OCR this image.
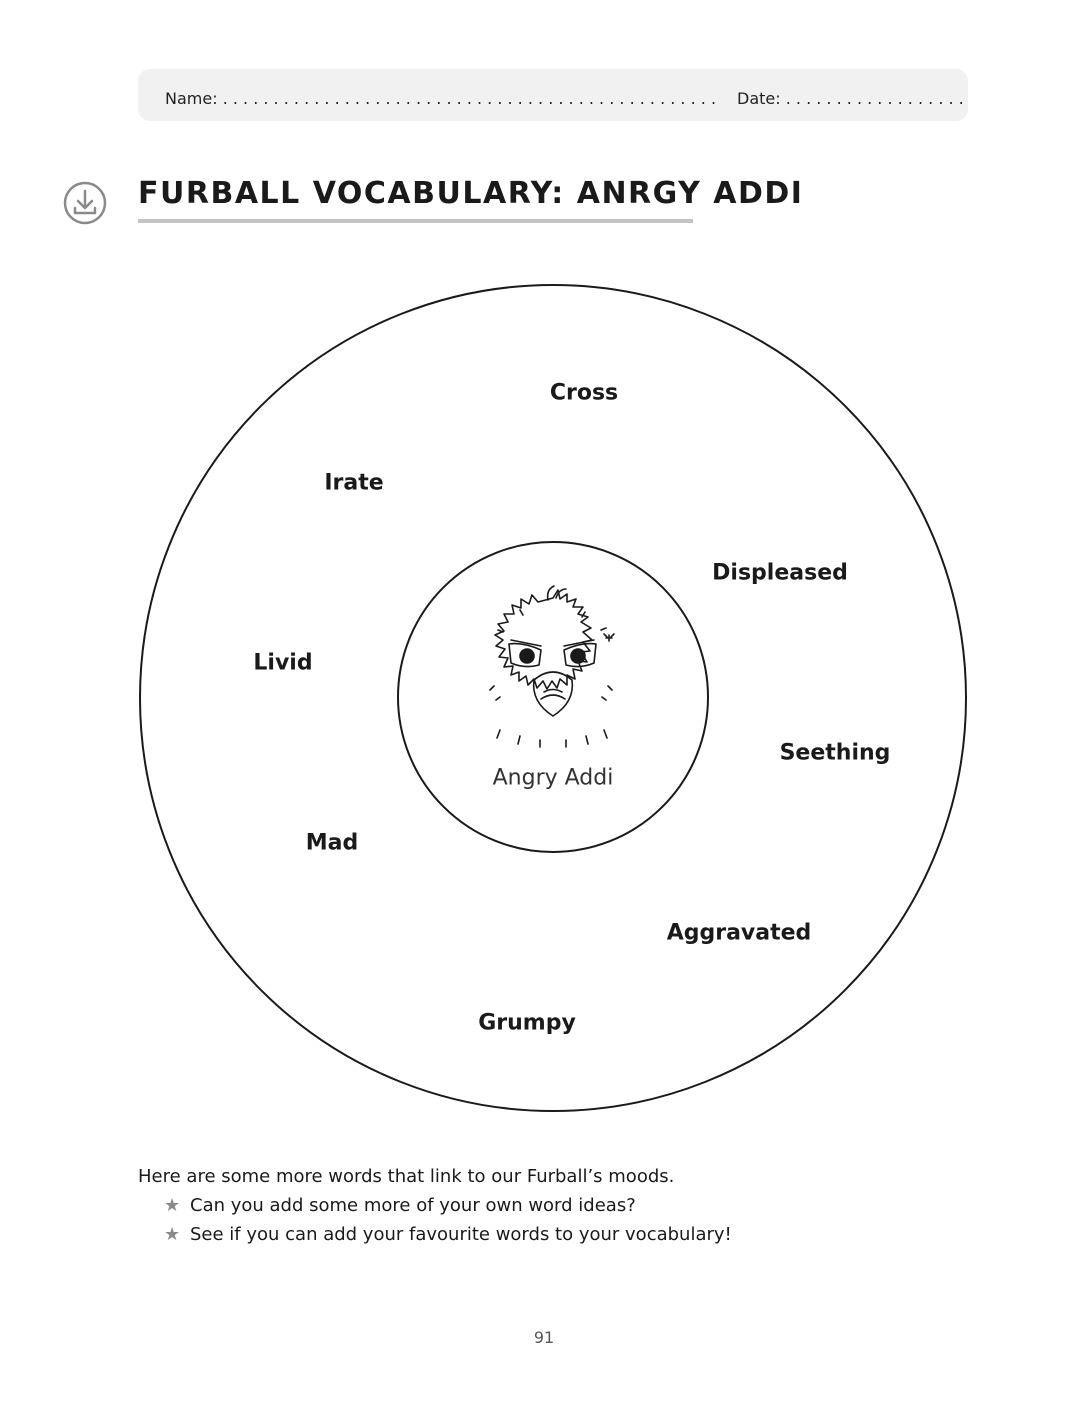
Name: . . . . . . . . . . . . . . . . . . . . . . . . . . . . . . . . . . . . . . . . . . . . . . . . . Date: . . . . . . . . . . . . . . . . . .
FURBALL VOCABULARY: ANRGY ADDI
Angry Addi
Cross
Irate
Displeased
Livid
Seething
Mad
Aggravated
Grumpy

Here are some more words that link to our Furball’s moods.

★ Can you add some more of your own word ideas?
★ See if you can add your favourite words to your vocabulary!
91
